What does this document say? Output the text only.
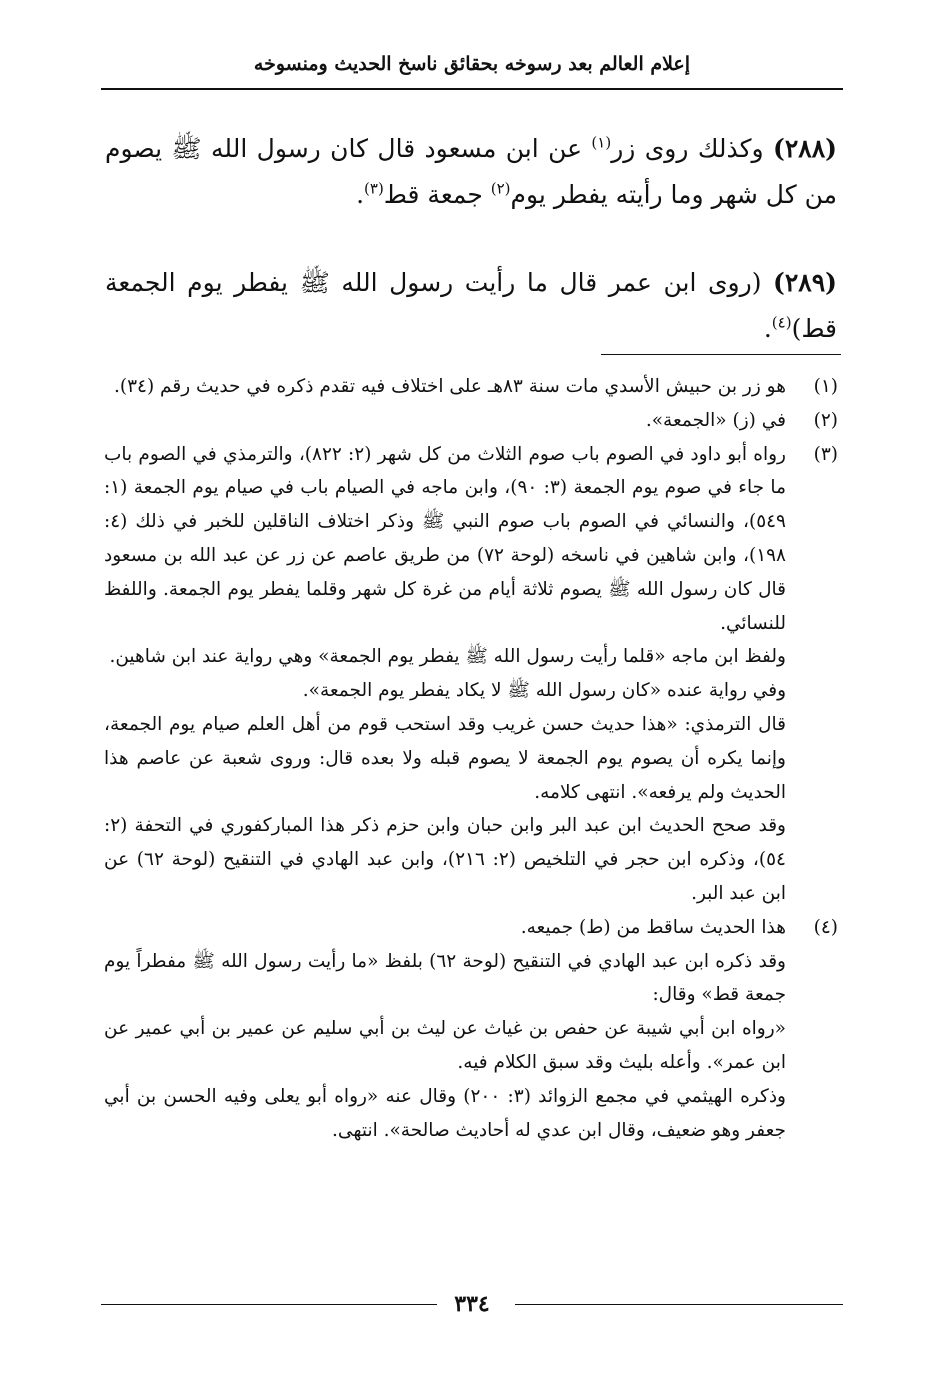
إعلام العالم بعد رسوخه بحقائق ناسخ الحديث ومنسوخه

(٢٨٨) وكذلك روى زر$^{(١)}$ عن ابن مسعود قال كان رسول الله ﷺ يصوم من كل شهر وما رأيته يفطر يوم$^{(٢)}$ جمعة قط$^{(٣)}$.

(٢٨٩) (روى ابن عمر قال ما رأيت رسول الله ﷺ يفطر يوم الجمعة قط)$^{(٤)}$.

(١)

هو زر بن حبيش الأسدي مات سنة ٨٣هـ على اختلاف فيه تقدم ذكره في حديث رقم (٣٤).

(٢)

في (ز) «الجمعة».

(٣)

رواه أبو داود في الصوم باب صوم الثلاث من كل شهر (٢: ٨٢٢)، والترمذي في الصوم باب ما جاء في صوم يوم الجمعة (٣: ٩٠)، وابن ماجه في الصيام باب في صيام يوم الجمعة (١: ٥٤٩)، والنسائي في الصوم باب صوم النبي ﷺ وذكر اختلاف الناقلين للخبر في ذلك (٤: ١٩٨)، وابن شاهين في ناسخه (لوحة ٧٢) من طريق عاصم عن زر عن عبد الله بن مسعود قال كان رسول الله ﷺ يصوم ثلاثة أيام من غرة كل شهر وقلما يفطر يوم الجمعة. واللفظ للنسائي.

ولفظ ابن ماجه «قلما رأيت رسول الله ﷺ يفطر يوم الجمعة» وهي رواية عند ابن شاهين.

وفي رواية عنده «كان رسول الله ﷺ لا يكاد يفطر يوم الجمعة».

قال الترمذي: «هذا حديث حسن غريب وقد استحب قوم من أهل العلم صيام يوم الجمعة، وإنما يكره أن يصوم يوم الجمعة لا يصوم قبله ولا بعده قال: وروى شعبة عن عاصم هذا الحديث ولم يرفعه». انتهى كلامه.

وقد صحح الحديث ابن عبد البر وابن حبان وابن حزم ذكر هذا المباركفوري في التحفة (٢: ٥٤)، وذكره ابن حجر في التلخيص (٢: ٢١٦)، وابن عبد الهادي في التنقيح (لوحة ٦٢) عن ابن عبد البر.

(٤)

هذا الحديث ساقط من (ط) جميعه.

وقد ذكره ابن عبد الهادي في التنقيح (لوحة ٦٢) بلفظ «ما رأيت رسول الله ﷺ مفطراً يوم جمعة قط» وقال:

«رواه ابن أبي شيبة عن حفص بن غياث عن ليث بن أبي سليم عن عمير بن أبي عمير عن ابن عمر». وأعله بليث وقد سبق الكلام فيه.

وذكره الهيثمي في مجمع الزوائد (٣: ٢٠٠) وقال عنه «رواه أبو يعلى وفيه الحسن بن أبي جعفر وهو ضعيف، وقال ابن عدي له أحاديث صالحة». انتهى.

٣٣٤
